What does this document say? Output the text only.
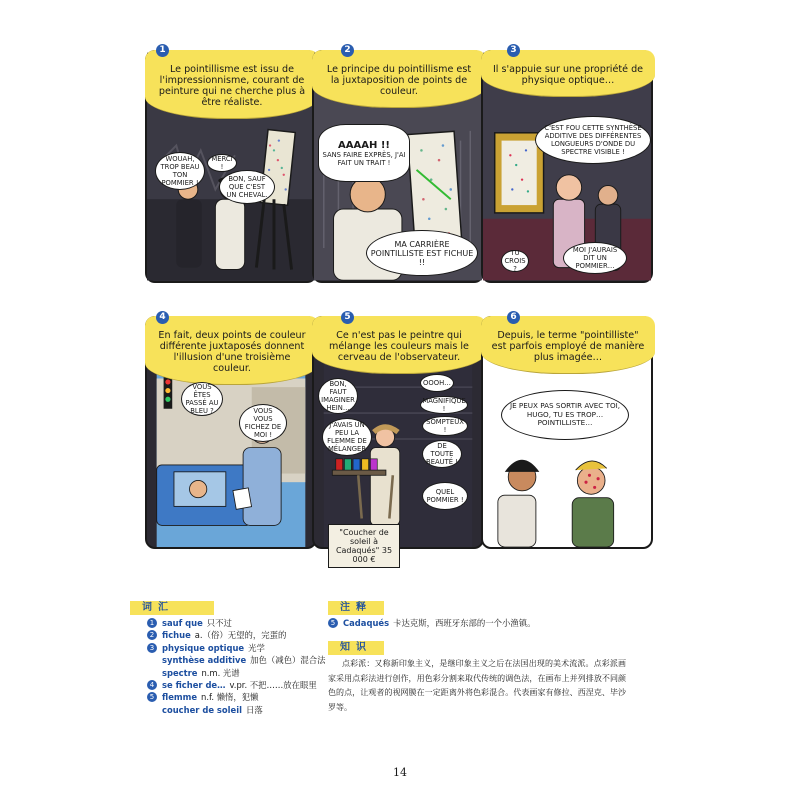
Le pointillisme est issu de l'impressionnisme, courant de peinture qui ne cherche plus à être réaliste.
WOUAH, TROP BEAU TON POMMIER !
MERCI !
BON, SAUF QUE C'EST UN CHEVAL.
1
Le principe du pointillisme est la juxtaposition de points de couleur.
AAAAH !!
SANS FAIRE EXPRÈS, J'AI FAIT UN TRAIT !
MA CARRIÈRE POINTILLISTE EST FICHUE !!
2
Il s'appuie sur une propriété de physique optique…
C'EST FOU CETTE SYNTHÈSE ADDITIVE DES DIFFÉRENTES LONGUEURS D'ONDE DU SPECTRE VISIBLE !
TU CROIS ?
MOI J'AURAIS DIT UN POMMIER…
3
En fait, deux points de couleur différente juxtaposés donnent l'illusion d'une troisième couleur.
VOUS ÊTES PASSÉ AU BLEU ?	VOUS VOUS FICHEZ DE MOI !
4
Ce n'est pas le peintre qui mélange les couleurs mais le cerveau de l'observateur.
BON, FAUT IMAGINER HEIN…
J'AVAIS UN PEU LA FLEMME DE MÉLANGER
OOOH…
MAGNIFIQUE !
SOMPTEUX !
DE TOUTE BEAUTÉ !
QUEL POMMIER !
"Coucher de soleil à Cadaqués" 35 000 €
5
Depuis, le terme "pointilliste" est parfois employé de manière plus imagée…
JE PEUX PAS SORTIR AVEC TOI, HUGO, TU ES TROP… POINTILLISTE…
6
词汇
1 sauf que 只不过
2 fichue a.（俗）无望的，完蛋的
3 physique optique 光学
synthèse additive 加色（减色）混合法
spectre n.m. 光谱
4 se ficher de… v.pr. 不把……放在眼里
5 flemme n.f. 懒惰，犯懒
coucher de soleil 日落
注释
5 Cadaqués 卡达克斯，西班牙东部的一个小渔镇。
知识
点彩派：又称新印象主义，是继印象主义之后在法国出现的美术流派。点彩派画家采用点彩法进行创作，用色彩分割来取代传统的调色法，在画布上并列排放不同颜色的点，让观者的视网膜在一定距离外将色彩混合。代表画家有修拉、西涅克、毕沙罗等。
14
